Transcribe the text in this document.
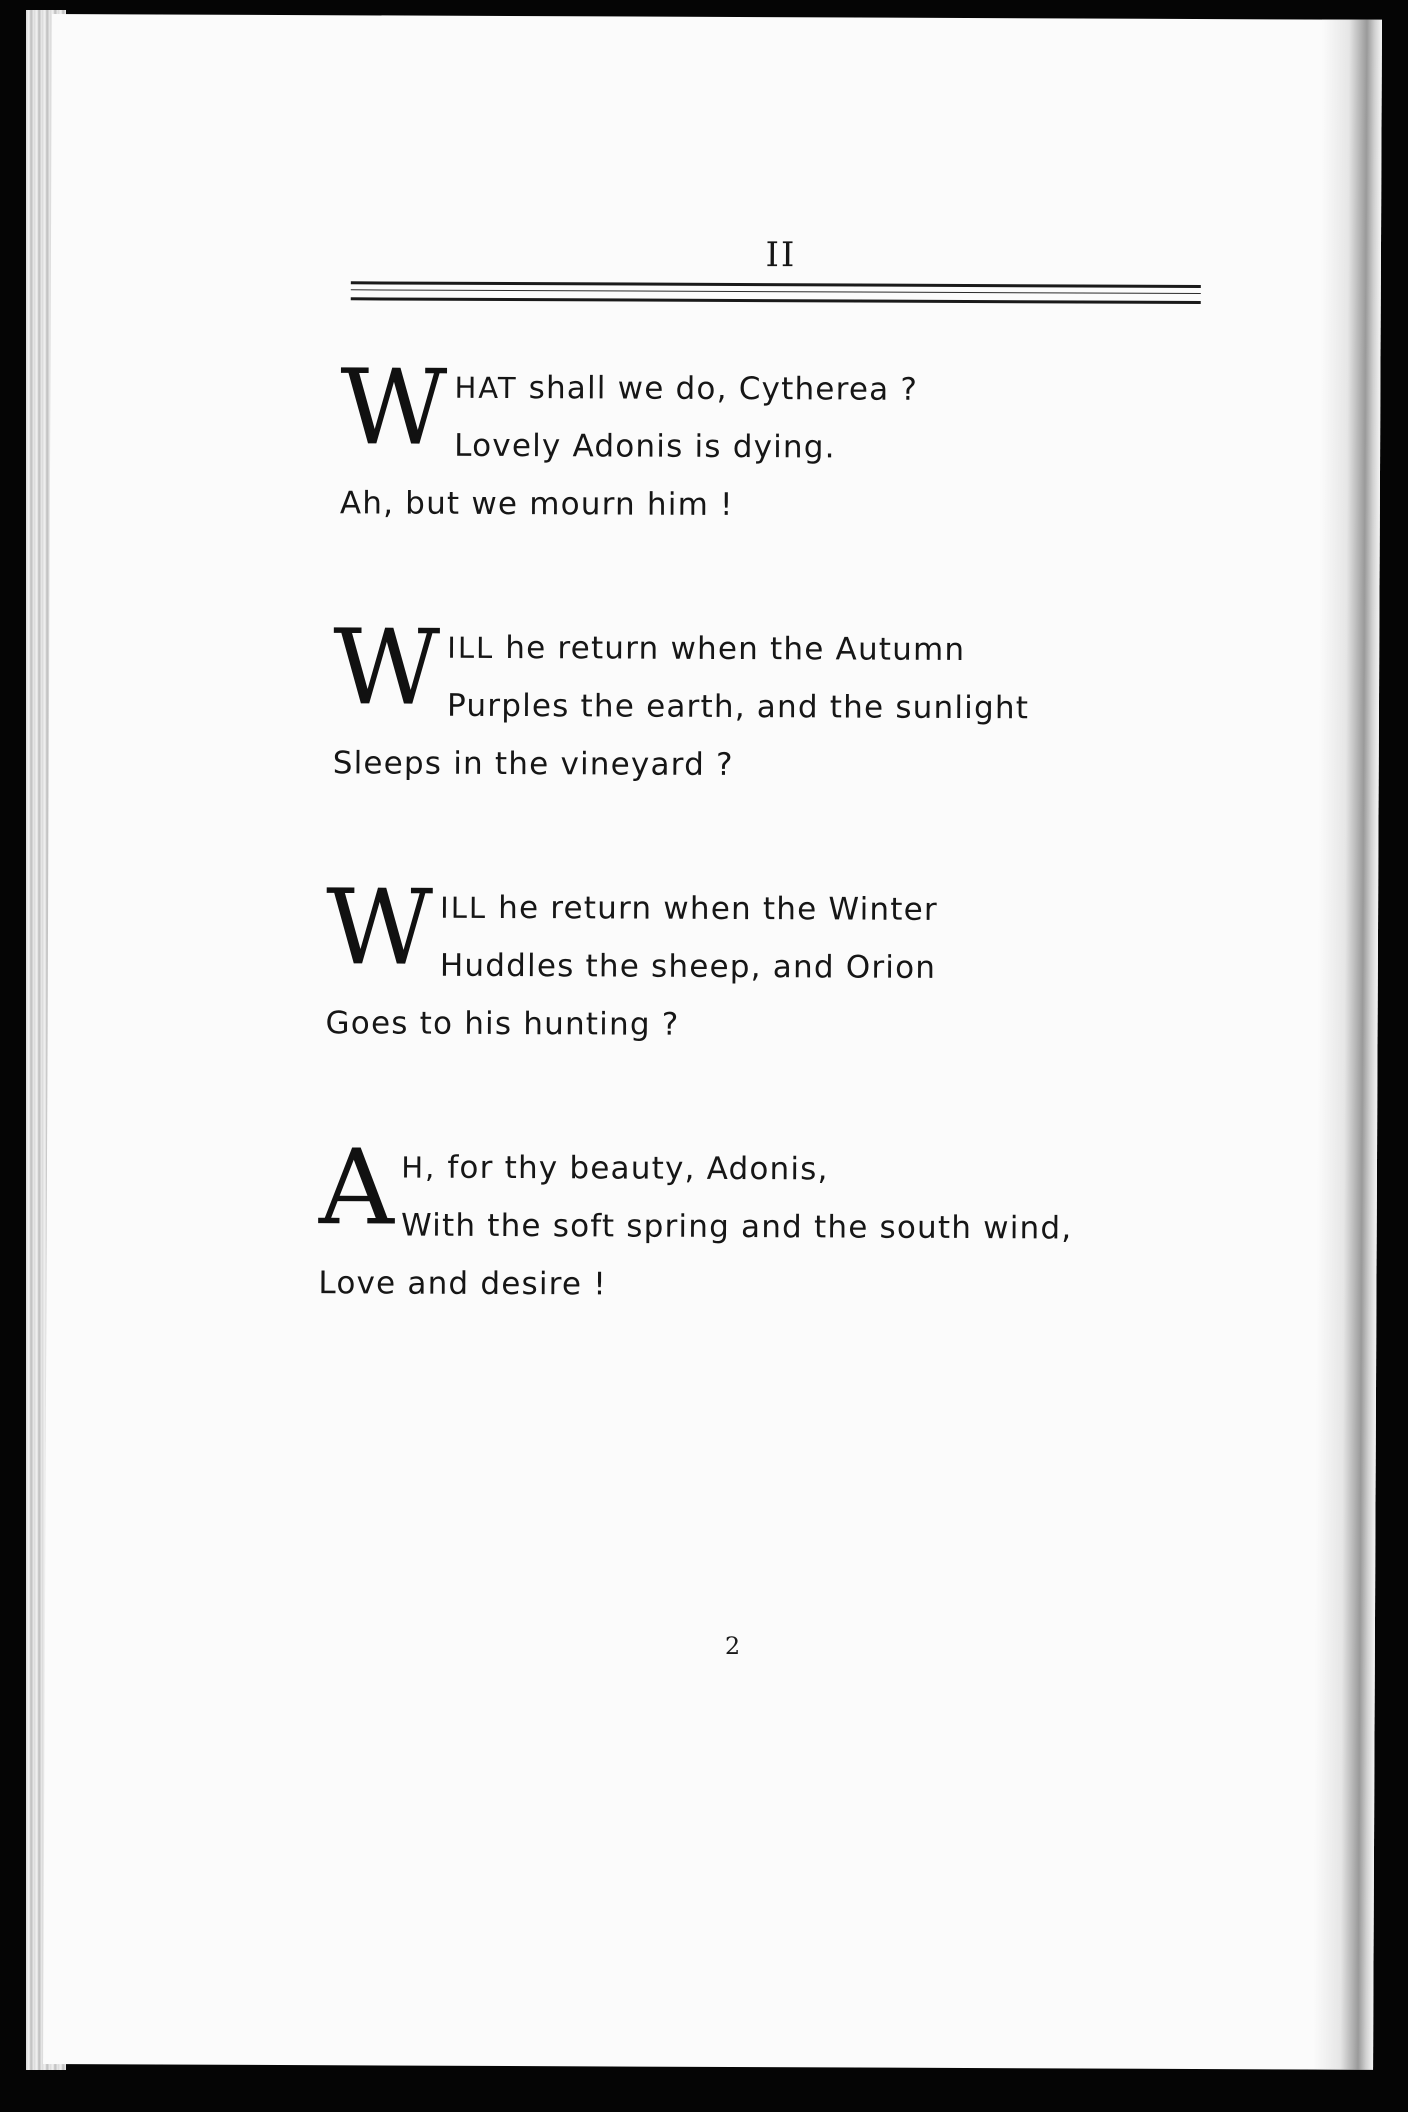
II
W HAT shall we do, Cytherea ?
Lovely Adonis is dying.
Ah, but we mourn him !
W ILL he return when the Autumn
Purples the earth, and the sunlight
Sleeps in the vineyard ?
W ILL he return when the Winter
Huddles the sheep, and Orion
Goes to his hunting ?
A H, for thy beauty, Adonis,
With the soft spring and the south wind,
Love and desire !
2
